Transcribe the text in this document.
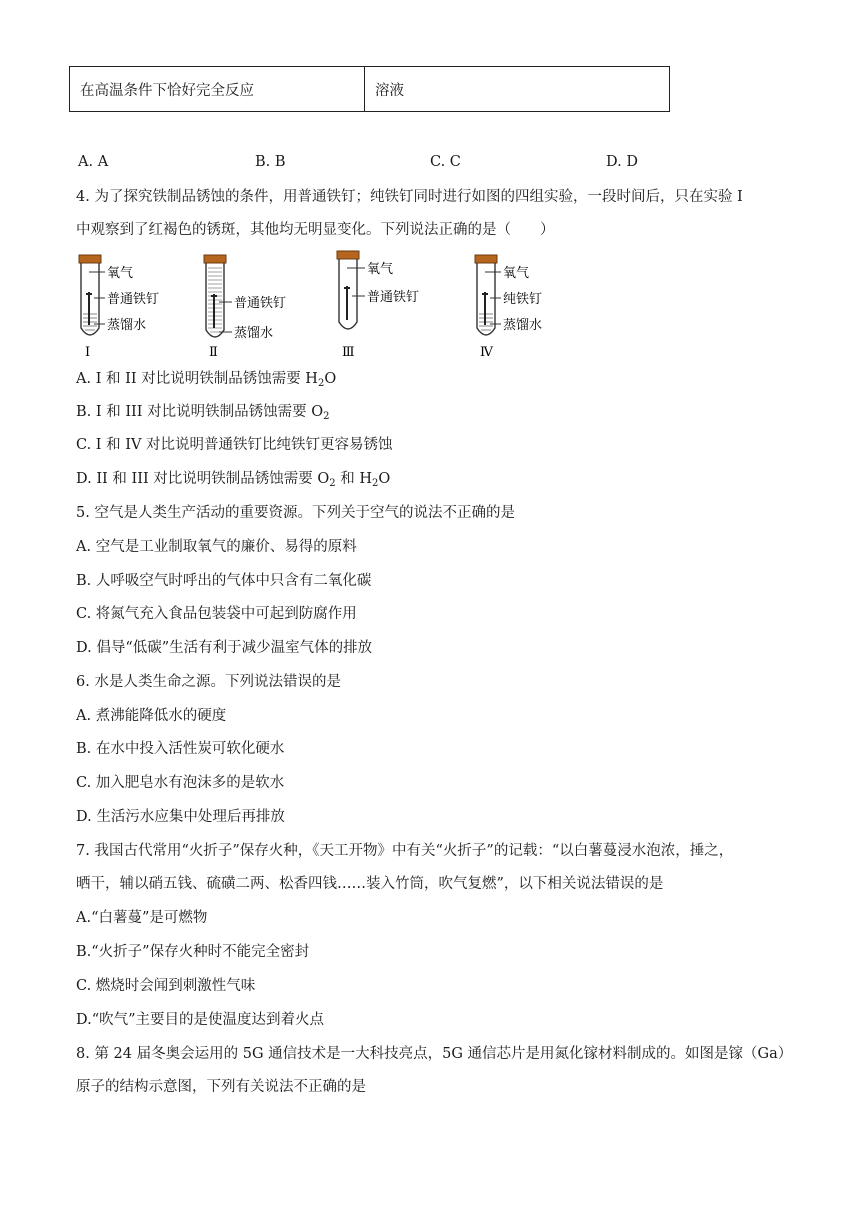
在高温条件下恰好完全反应	溶液
A. A	B. B	C. C	D. D
4. 为了探究铁制品锈蚀的条件，用普通铁钉；纯铁钉同时进行如图的四组实验，一段时间后，只在实验 I
中观察到了红褐色的锈斑，其他均无明显变化。下列说法正确的是（　　）
氧气
普通铁钉
蒸馏水
Ⅰ
普通铁钉
蒸馏水
Ⅱ
氧气
普通铁钉
Ⅲ
氧气
纯铁钉
蒸馏水
Ⅳ
A. I 和 II 对比说明铁制品锈蚀需要 $H_2O$
B. I 和 III 对比说明铁制品锈蚀需要 $O_2$
C. I 和 IV 对比说明普通铁钉比纯铁钉更容易锈蚀
D. II 和 III 对比说明铁制品锈蚀需要 $O_2$ 和 $H_2O$
5. 空气是人类生产活动的重要资源。下列关于空气的说法不正确的是
A. 空气是工业制取氧气的廉价、易得的原料
B. 人呼吸空气时呼出的气体中只含有二氧化碳
C. 将氮气充入食品包装袋中可起到防腐作用
D. 倡导“低碳”生活有利于减少温室气体的排放
6. 水是人类生命之源。下列说法错误的是
A. 煮沸能降低水的硬度
B. 在水中投入活性炭可软化硬水
C. 加入肥皂水有泡沫多的是软水
D. 生活污水应集中处理后再排放
7. 我国古代常用“火折子”保存火种，《天工开物》中有关“火折子”的记载：“以白薯蔓浸水泡浓，捶之，
晒干，辅以硝五钱、硫磺二两、松香四钱……装入竹筒，吹气复燃”，以下相关说法错误的是
A.“白薯蔓”是可燃物
B.“火折子”保存火种时不能完全密封
C. 燃烧时会闻到刺激性气味
D.“吹气”主要目的是使温度达到着火点
8. 第 24 届冬奥会运用的 5G 通信技术是一大科技亮点，5G 通信芯片是用氮化镓材料制成的。如图是镓（Ga）
原子的结构示意图，下列有关说法不正确的是
